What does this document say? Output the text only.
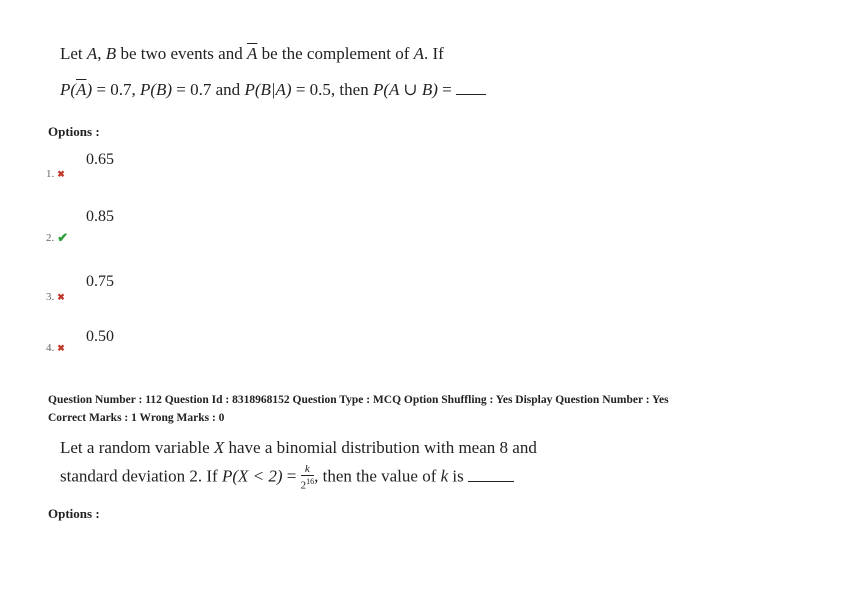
Let A, B be two events and $\overline{A}$ be the complement of A. If
$P(\overline{A}) = 0.7$, P(B) = 0.7 and P(B|A) = 0.5, then P(A ∪ B) =
Options :
0.65
1. ✖
0.85
2. ✔
0.75
3. ✖
0.50
4. ✖
Question Number : 112 Question Id : 8318968152 Question Type : MCQ Option Shuffling : Yes Display Question Number : Yes
Correct Marks : 1 Wrong Marks : 0
Let a random variable X have a binomial distribution with mean 8 and
standard deviation 2. If $P(X < 2) = \frac{k}{2^{16}}$ , then the value of k is
Options :
